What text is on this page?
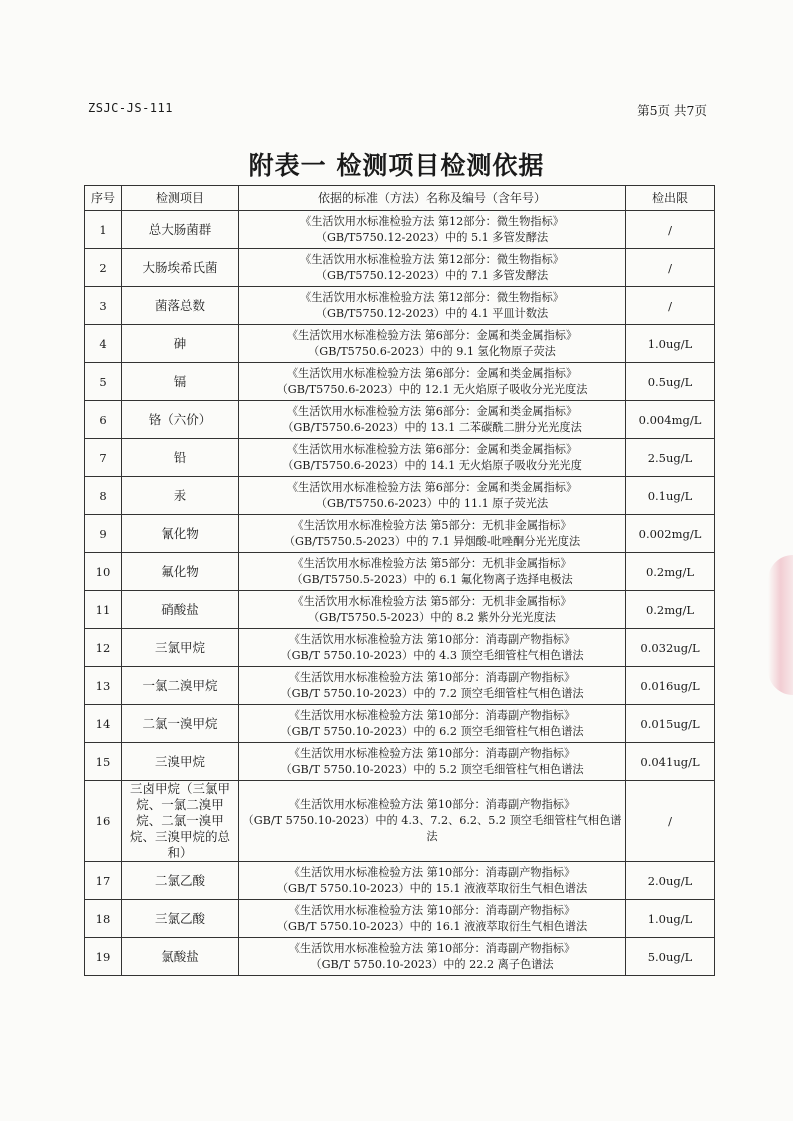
ZSJC-JS-111	第5页 共7页
附表一 检测项目检测依据
序号	检测项目	依据的标准（方法）名称及编号（含年号）	检出限
1	总大肠菌群	《生活饮用水标准检验方法 第12部分：微生物指标》
（GB/T5750.12-2023）中的 5.1 多管发酵法	/
2	大肠埃希氏菌	《生活饮用水标准检验方法 第12部分：微生物指标》
（GB/T5750.12-2023）中的 7.1 多管发酵法	/
3	菌落总数	《生活饮用水标准检验方法 第12部分：微生物指标》
（GB/T5750.12-2023）中的 4.1 平皿计数法	/
4	砷	《生活饮用水标准检验方法 第6部分：金属和类金属指标》
（GB/T5750.6-2023）中的 9.1 氢化物原子荧法	1.0ug/L
5	镉	《生活饮用水标准检验方法 第6部分：金属和类金属指标》
（GB/T5750.6-2023）中的 12.1 无火焰原子吸收分光光度法	0.5ug/L
6	铬（六价）	《生活饮用水标准检验方法 第6部分：金属和类金属指标》
（GB/T5750.6-2023）中的 13.1 二苯碳酰二肼分光光度法	0.004mg/L
7	铅	《生活饮用水标准检验方法 第6部分：金属和类金属指标》
（GB/T5750.6-2023）中的 14.1 无火焰原子吸收分光光度	2.5ug/L
8	汞	《生活饮用水标准检验方法 第6部分：金属和类金属指标》
（GB/T5750.6-2023）中的 11.1 原子荧光法	0.1ug/L
9	氰化物	《生活饮用水标准检验方法 第5部分：无机非金属指标》
（GB/T5750.5-2023）中的 7.1 异烟酸-吡唑酮分光光度法	0.002mg/L
10	氟化物	《生活饮用水标准检验方法 第5部分：无机非金属指标》
（GB/T5750.5-2023）中的 6.1 氟化物离子选择电极法	0.2mg/L
11	硝酸盐	《生活饮用水标准检验方法 第5部分：无机非金属指标》
（GB/T5750.5-2023）中的 8.2 紫外分光光度法	0.2mg/L
12	三氯甲烷	《生活饮用水标准检验方法 第10部分：消毒副产物指标》
（GB/T 5750.10-2023）中的 4.3 顶空毛细管柱气相色谱法	0.032ug/L
13	一氯二溴甲烷	《生活饮用水标准检验方法 第10部分：消毒副产物指标》
（GB/T 5750.10-2023）中的 7.2 顶空毛细管柱气相色谱法	0.016ug/L
14	二氯一溴甲烷	《生活饮用水标准检验方法 第10部分：消毒副产物指标》
（GB/T 5750.10-2023）中的 6.2 顶空毛细管柱气相色谱法	0.015ug/L
15	三溴甲烷	《生活饮用水标准检验方法 第10部分：消毒副产物指标》
（GB/T 5750.10-2023）中的 5.2 顶空毛细管柱气相色谱法	0.041ug/L
16	三卤甲烷（三氯甲烷、一氯二溴甲烷、二氯一溴甲烷、三溴甲烷的总和）	《生活饮用水标准检验方法 第10部分：消毒副产物指标》
（GB/T 5750.10-2023）中的 4.3、7.2、6.2、5.2 顶空毛细管柱气相色谱法	/
17	二氯乙酸	《生活饮用水标准检验方法 第10部分：消毒副产物指标》
（GB/T 5750.10-2023）中的 15.1 液液萃取衍生气相色谱法	2.0ug/L
18	三氯乙酸	《生活饮用水标准检验方法 第10部分：消毒副产物指标》
（GB/T 5750.10-2023）中的 16.1 液液萃取衍生气相色谱法	1.0ug/L
19	氯酸盐	《生活饮用水标准检验方法 第10部分：消毒副产物指标》
（GB/T 5750.10-2023）中的 22.2 离子色谱法	5.0ug/L
